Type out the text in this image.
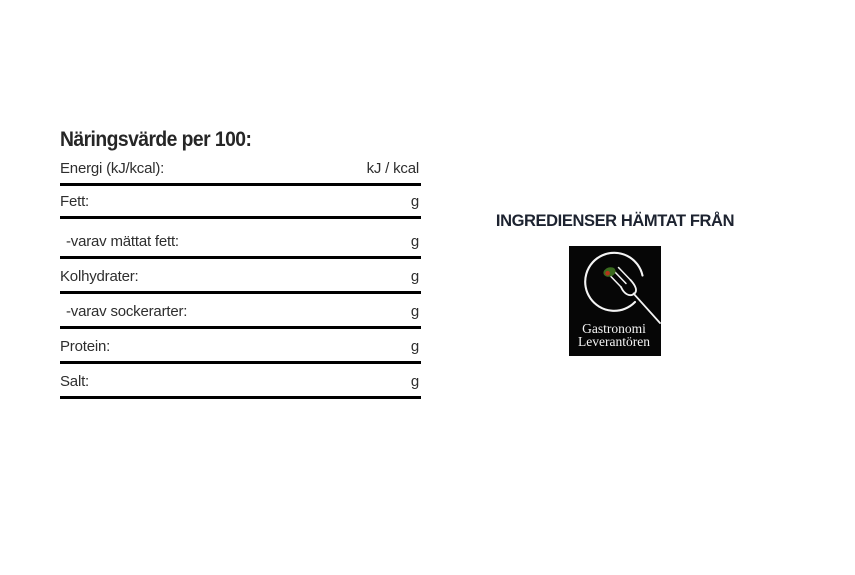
Näringsvärde per 100:
Energi (kJ/kcal):	kJ / kcal
Fett:	g
-varav mättat fett:	g
Kolhydrater:	g
-varav sockerarter:	g
Protein:	g
Salt:	g
INGREDIENSER HÄMTAT FRÅN
Gastronomi
Leverantören
